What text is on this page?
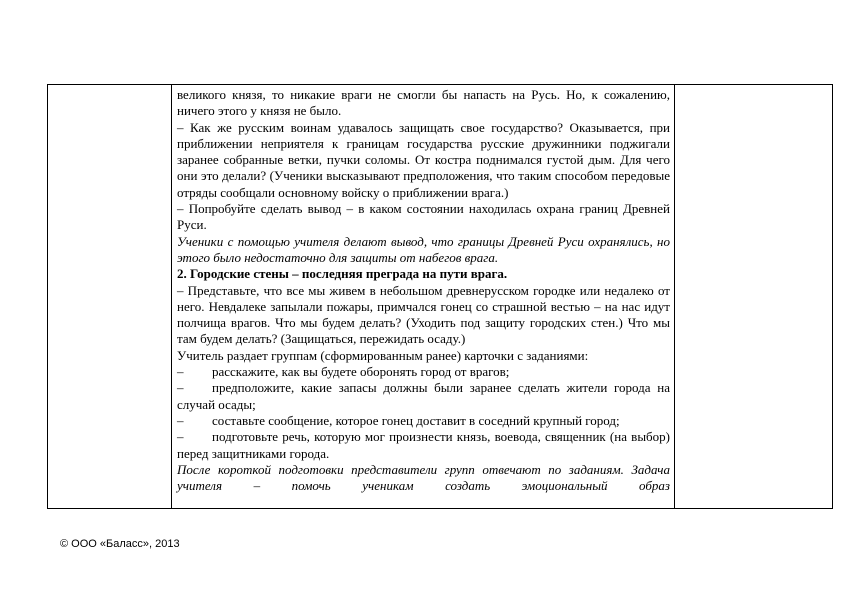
великого князя, то никакие враги не смогли бы напасть на Русь. Но, к сожалению, ничего этого у князя не было.

– Как же русским воинам удавалось защищать свое государство? Оказывается, при приближении неприятеля к границам государства русские дружинники поджигали заранее собранные ветки, пучки соломы. От костра поднимался густой дым. Для чего они это делали? (Ученики высказывают предположения, что таким способом передовые отряды сообщали основному войску о приближении врага.)

– Попробуйте сделать вывод – в каком состоянии находилась охрана границ Древней Руси.

Ученики с помощью учителя делают вывод, что границы Древней Руси охранялись, но этого было недостаточно для защиты от набегов врага.

2. Городские стены – последняя преграда на пути врага.

– Представьте, что все мы живем в небольшом древнерусском городке или недалеко от него. Невдалеке запылали пожары, примчался гонец со страшной вестью – на нас идут полчища врагов. Что мы будем делать? (Уходить под защиту городских стен.) Что мы там будем делать? (Защищаться, пережидать осаду.)

Учитель раздает группам (сформированным ранее) карточки с заданиями:

–	расскажите, как вы будете оборонять город от врагов;

– предположите, какие запасы должны были заранее сделать жители города на случай осады;

–	составьте сообщение, которое гонец доставит в соседний крупный город;

– подготовьте речь, которую мог произнести князь, воевода, священник (на выбор) перед защитниками города.

После короткой подготовки представители групп отвечают по заданиям. Задача учителя – помочь ученикам создать эмоциональный образ

© ООО «Баласс», 2013
